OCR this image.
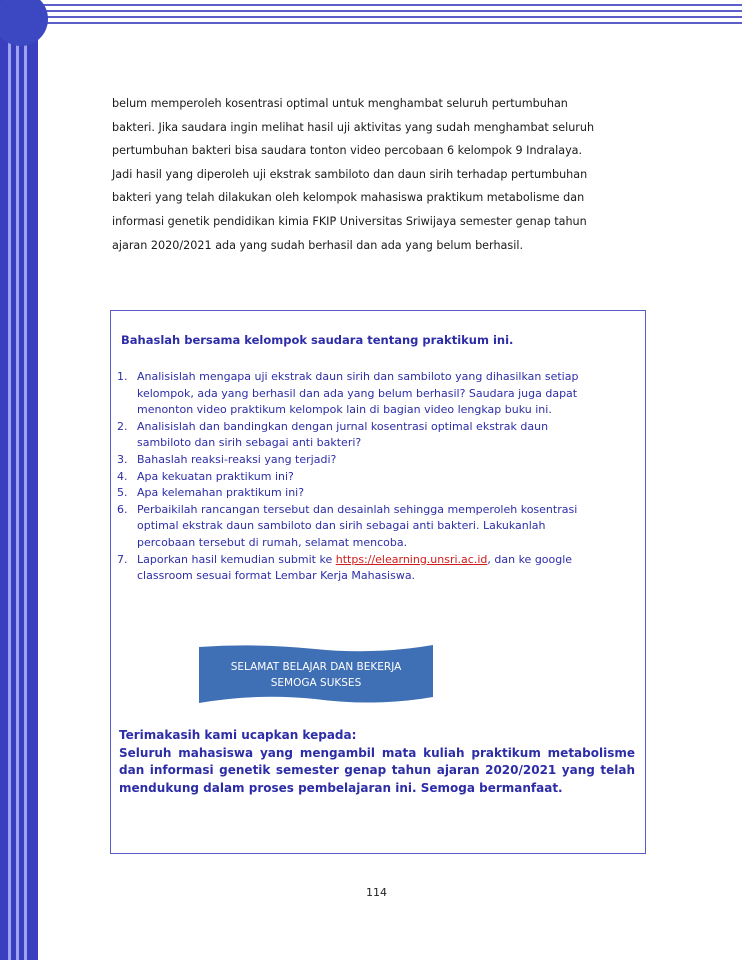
belum memperoleh kosentrasi optimal untuk menghambat seluruh pertumbuhan
bakteri. Jika saudara ingin melihat hasil uji aktivitas yang sudah menghambat seluruh
pertumbuhan bakteri bisa saudara tonton video percobaan 6 kelompok 9 Indralaya.
Jadi hasil yang diperoleh uji ekstrak sambiloto dan daun sirih terhadap pertumbuhan
bakteri yang telah dilakukan oleh kelompok mahasiswa praktikum metabolisme dan
informasi genetik pendidikan kimia FKIP Universitas Sriwijaya semester genap tahun
ajaran 2020/2021 ada yang sudah berhasil dan ada yang belum berhasil.
Bahaslah bersama kelompok saudara tentang praktikum ini.
1. Analisislah mengapa uji ekstrak daun sirih dan sambiloto yang dihasilkan setiap kelompok, ada yang berhasil dan ada yang belum berhasil? Saudara juga dapat menonton video praktikum kelompok lain di bagian video lengkap buku ini.
2. Analisislah dan bandingkan dengan jurnal kosentrasi optimal ekstrak daun sambiloto dan sirih sebagai anti bakteri?
3. Bahaslah reaksi-reaksi yang terjadi?
4. Apa kekuatan praktikum ini?
5. Apa kelemahan praktikum ini?
6. Perbaikilah rancangan tersebut dan desainlah sehingga memperoleh kosentrasi optimal ekstrak daun sambiloto dan sirih sebagai anti bakteri. Lakukanlah percobaan tersebut di rumah, selamat mencoba.
7. Laporkan hasil kemudian submit ke https://elearning.unsri.ac.id, dan ke google classroom sesuai format Lembar Kerja Mahasiswa.
SELAMAT BELAJAR DAN BEKERJA
SEMOGA SUKSES
Terimakasih kami ucapkan kepada:
Seluruh mahasiswa yang mengambil mata kuliah praktikum metabolisme dan informasi genetik semester genap tahun ajaran 2020/2021 yang telah mendukung dalam proses pembelajaran ini. Semoga bermanfaat.
114
